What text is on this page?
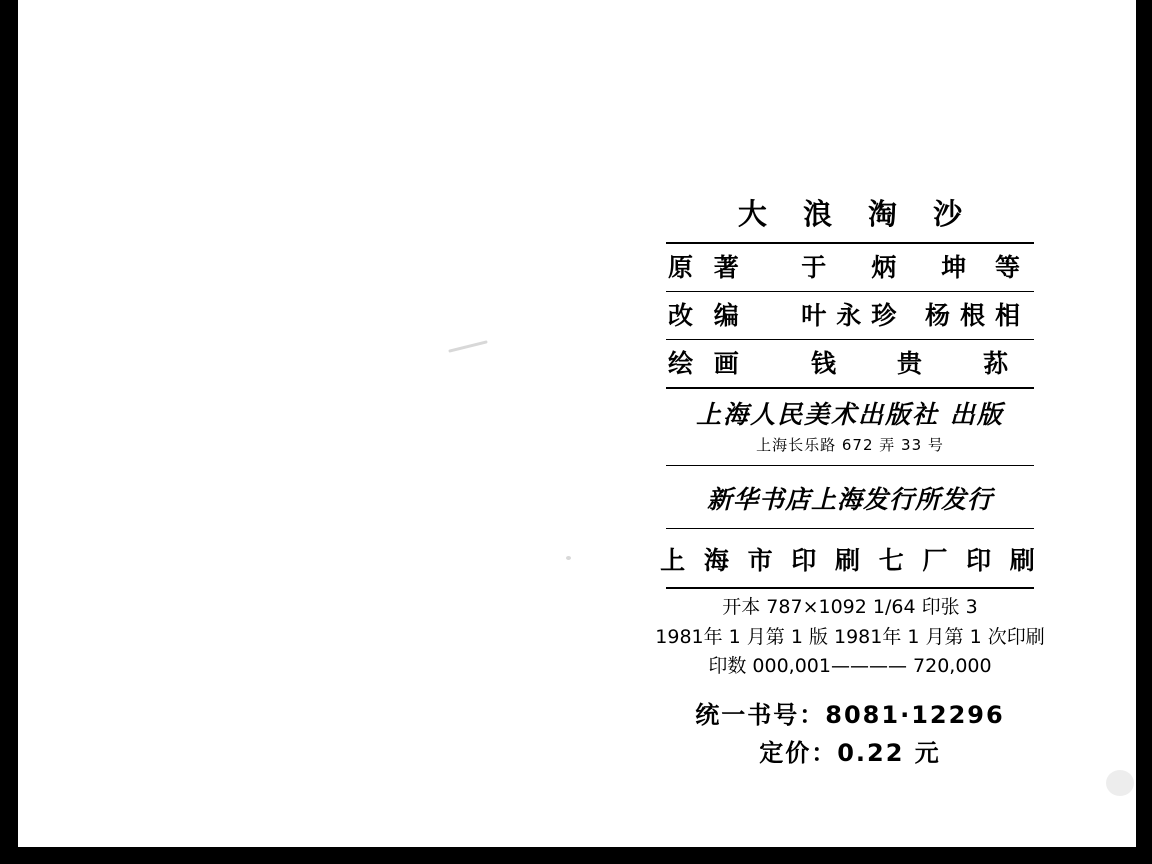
大 浪 淘 沙
原 著 于　炳　坤 等
改 编 叶永珍 杨根相
绘 画	钱　贵　荪
上海人民美术出版社 出版
上海长乐路 672 弄 33 号
新华书店上海发行所发行
上 海 市 印 刷 七 厂 印 刷
开本 787×1092 1/64 印张 3
1981年 1 月第 1 版 1981年 1 月第 1 次印刷
印数 000,001———— 720,000
统一书号：8081·12296
定价：0.22 元
